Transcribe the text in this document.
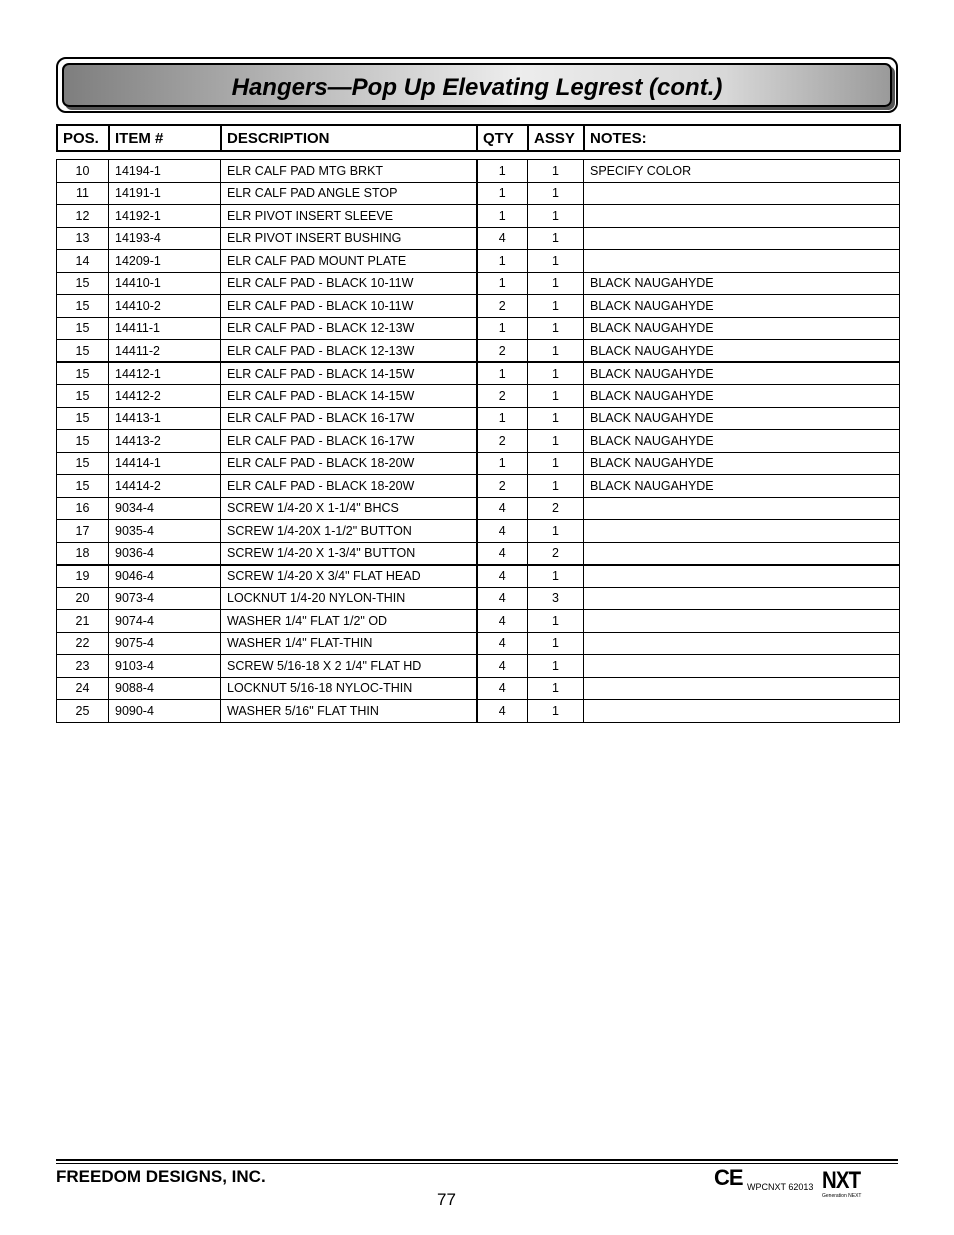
Hangers—Pop Up Elevating Legrest (cont.)
POS.	ITEM #	DESCRIPTION	QTY	ASSY	NOTES:
10	14194-1	ELR CALF PAD MTG BRKT	1	1	SPECIFY COLOR
11	14191-1	ELR CALF PAD ANGLE STOP	1	1	
12	14192-1	ELR PIVOT INSERT SLEEVE	1	1	
13	14193-4	ELR PIVOT INSERT BUSHING	4	1	
14	14209-1	ELR CALF PAD MOUNT PLATE	1	1	
15	14410-1	ELR CALF PAD - BLACK 10-11W	1	1	BLACK NAUGAHYDE
15	14410-2	ELR CALF PAD - BLACK 10-11W	2	1	BLACK NAUGAHYDE
15	14411-1	ELR CALF PAD - BLACK 12-13W	1	1	BLACK NAUGAHYDE
15	14411-2	ELR CALF PAD - BLACK 12-13W	2	1	BLACK NAUGAHYDE
15	14412-1	ELR CALF PAD - BLACK 14-15W	1	1	BLACK NAUGAHYDE
15	14412-2	ELR CALF PAD - BLACK 14-15W	2	1	BLACK NAUGAHYDE
15	14413-1	ELR CALF PAD - BLACK 16-17W	1	1	BLACK NAUGAHYDE
15	14413-2	ELR CALF PAD - BLACK 16-17W	2	1	BLACK NAUGAHYDE
15	14414-1	ELR CALF PAD - BLACK 18-20W	1	1	BLACK NAUGAHYDE
15	14414-2	ELR CALF PAD - BLACK 18-20W	2	1	BLACK NAUGAHYDE
16	9034-4	SCREW 1/4-20 X 1-1/4" BHCS	4	2	
17	9035-4	SCREW 1/4-20X 1-1/2" BUTTON	4	1	
18	9036-4	SCREW 1/4-20 X 1-3/4" BUTTON	4	2	
19	9046-4	SCREW 1/4-20 X 3/4" FLAT HEAD	4	1	
20	9073-4	LOCKNUT 1/4-20 NYLON-THIN	4	3	
21	9074-4	WASHER 1/4" FLAT 1/2" OD	4	1	
22	9075-4	WASHER 1/4" FLAT-THIN	4	1	
23	9103-4	SCREW 5/16-18 X 2 1/4" FLAT HD	4	1	
24	9088-4	LOCKNUT 5/16-18 NYLOC-THIN	4	1	
25	9090-4	WASHER 5/16" FLAT THIN	4	1	
FREEDOM DESIGNS, INC.
77
CE WPCNXT 62013 NXT
Generation NEXT
